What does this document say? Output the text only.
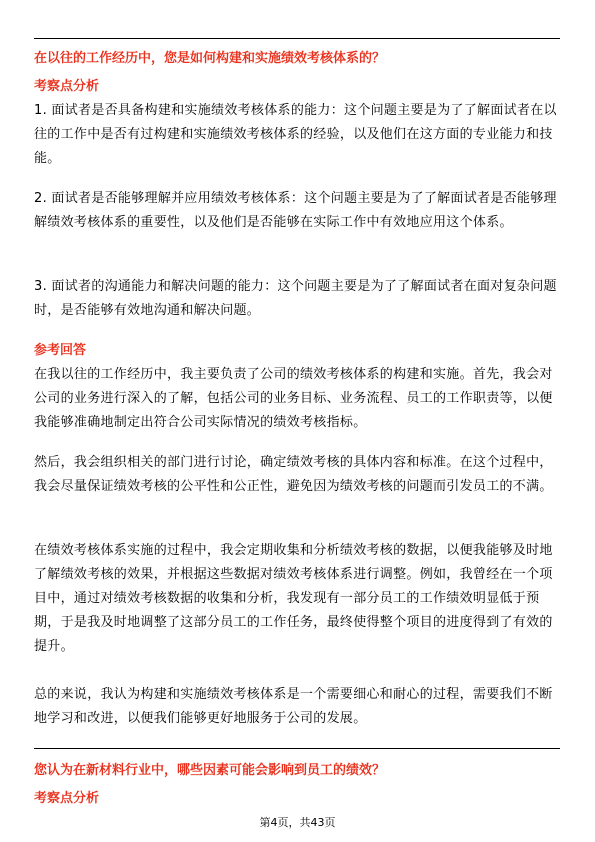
在以往的工作经历中，您是如何构建和实施绩效考核体系的？
考察点分析
1. 面试者是否具备构建和实施绩效考核体系的能力：这个问题主要是为了了解面试者在以往的工作中是否有过构建和实施绩效考核体系的经验，以及他们在这方面的专业能力和技能。
2. 面试者是否能够理解并应用绩效考核体系：这个问题主要是为了了解面试者是否能够理解绩效考核体系的重要性，以及他们是否能够在实际工作中有效地应用这个体系。
3. 面试者的沟通能力和解决问题的能力：这个问题主要是为了了解面试者在面对复杂问题时，是否能够有效地沟通和解决问题。
参考回答
在我以往的工作经历中，我主要负责了公司的绩效考核体系的构建和实施。首先，我会对公司的业务进行深入的了解，包括公司的业务目标、业务流程、员工的工作职责等，以便我能够准确地制定出符合公司实际情况的绩效考核指标。
然后，我会组织相关的部门进行讨论，确定绩效考核的具体内容和标准。在这个过程中，我会尽量保证绩效考核的公平性和公正性，避免因为绩效考核的问题而引发员工的不满。
在绩效考核体系实施的过程中，我会定期收集和分析绩效考核的数据，以便我能够及时地了解绩效考核的效果，并根据这些数据对绩效考核体系进行调整。例如，我曾经在一个项目中，通过对绩效考核数据的收集和分析，我发现有一部分员工的工作绩效明显低于预期，于是我及时地调整了这部分员工的工作任务，最终使得整个项目的进度得到了有效的提升。
总的来说，我认为构建和实施绩效考核体系是一个需要细心和耐心的过程，需要我们不断地学习和改进，以便我们能够更好地服务于公司的发展。
您认为在新材料行业中，哪些因素可能会影响到员工的绩效？
考察点分析
第4页，共43页
